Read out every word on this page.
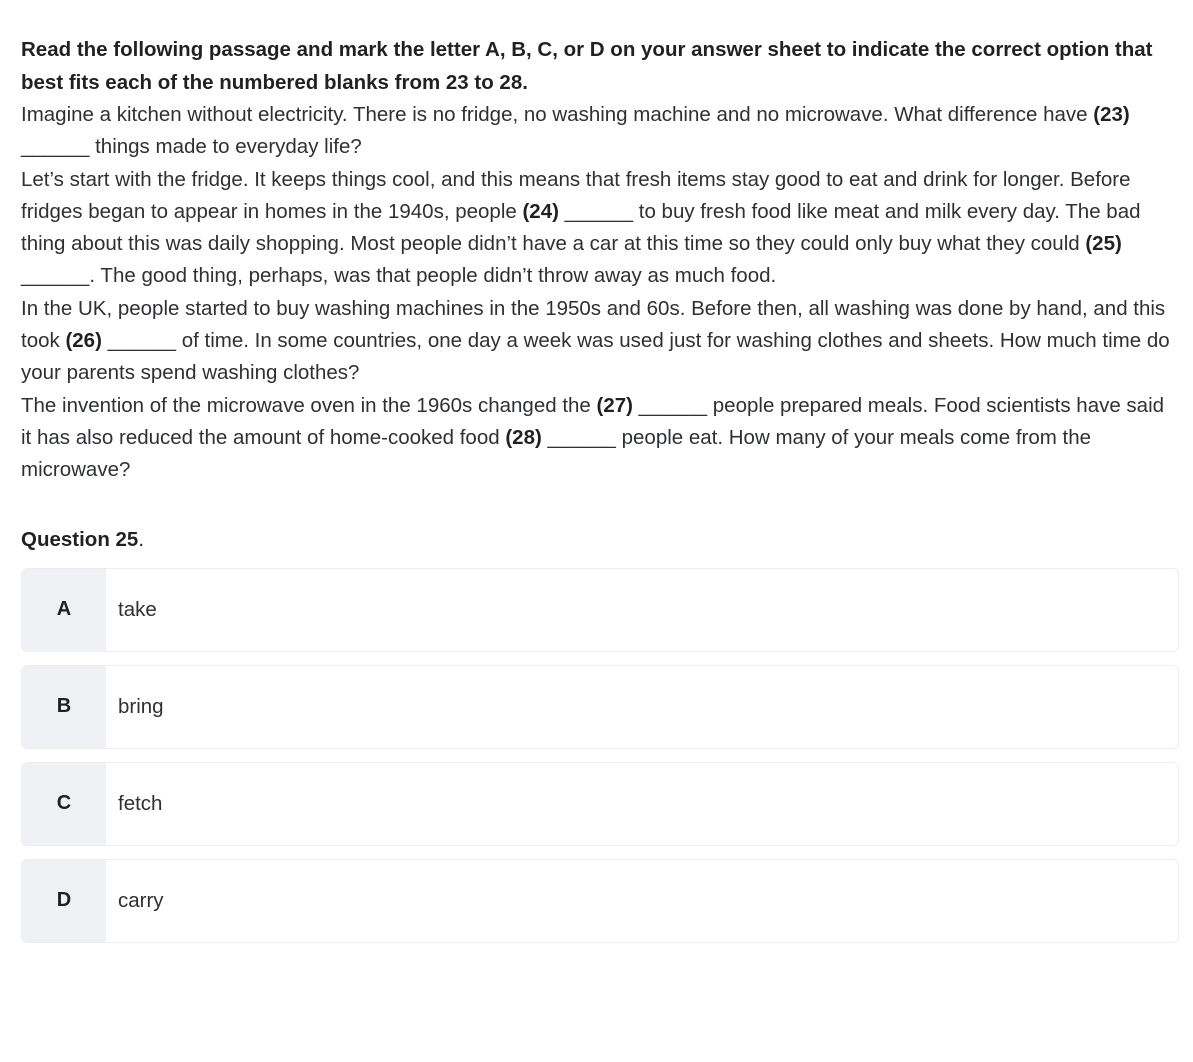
Read the following passage and mark the letter A, B, C, or D on your answer sheet to indicate the correct option that best fits each of the numbered blanks from 23 to 28.

Imagine a kitchen without electricity. There is no fridge, no washing machine and no microwave. What difference have (23) ______ things made to everyday life?

Let’s start with the fridge. It keeps things cool, and this means that fresh items stay good to eat and drink for longer. Before fridges began to appear in homes in the 1940s, people (24) ______ to buy fresh food like meat and milk every day. The bad thing about this was daily shopping. Most people didn’t have a car at this time so they could only buy what they could (25) ______. The good thing, perhaps, was that people didn’t throw away as much food.

In the UK, people started to buy washing machines in the 1950s and 60s. Before then, all washing was done by hand, and this took (26) ______ of time. In some countries, one day a week was used just for washing clothes and sheets. How much time do your parents spend washing clothes?

The invention of the microwave oven in the 1960s changed the (27) ______ people prepared meals. Food scientists have said it has also reduced the amount of home-cooked food (28) ______ people eat. How many of your meals come from the microwave?

Question 25.
A	take
B	bring
C	fetch
D	carry
